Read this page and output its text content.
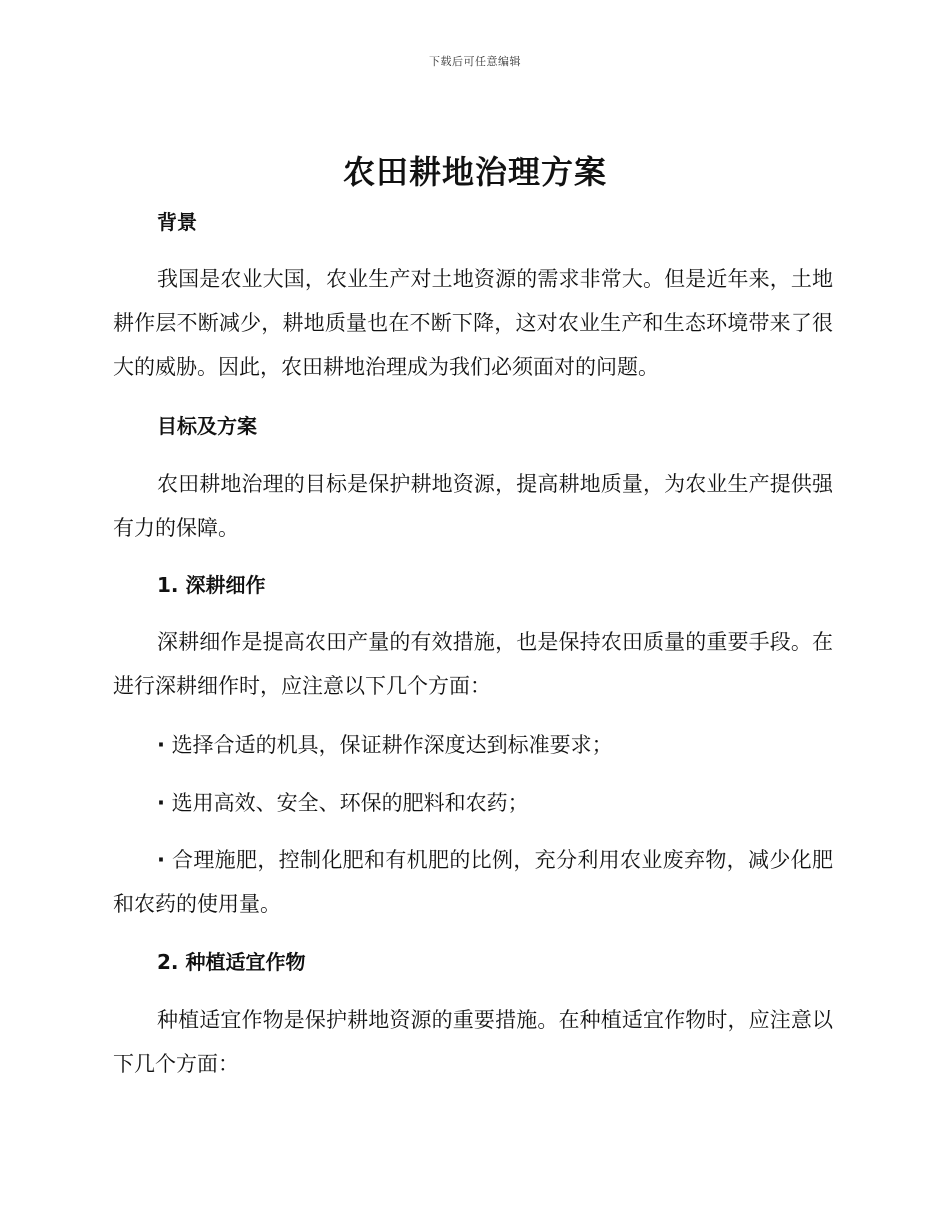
下载后可任意编辑
农田耕地治理方案
背景

我国是农业大国，农业生产对土地资源的需求非常大。但是近年来，土地耕作层不断减少，耕地质量也在不断下降，这对农业生产和生态环境带来了很大的威胁。因此，农田耕地治理成为我们必须面对的问题。

目标及方案

农田耕地治理的目标是保护耕地资源，提高耕地质量，为农业生产提供强有力的保障。

1. 深耕细作

深耕细作是提高农田产量的有效措施，也是保持农田质量的重要手段。在进行深耕细作时，应注意以下几个方面：

· 选择合适的机具，保证耕作深度达到标准要求；

· 选用高效、安全、环保的肥料和农药；

· 合理施肥，控制化肥和有机肥的比例，充分利用农业废弃物，减少化肥和农药的使用量。

2. 种植适宜作物

种植适宜作物是保护耕地资源的重要措施。在种植适宜作物时，应注意以下几个方面：
